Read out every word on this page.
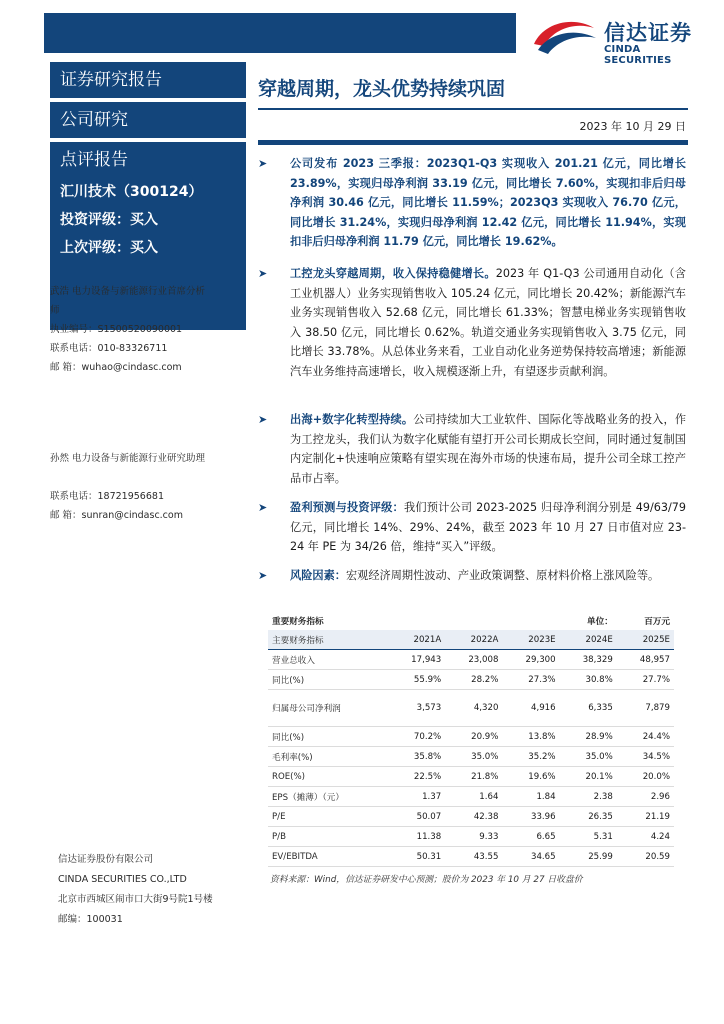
信达证券
CINDA SECURITIES
证券研究报告
公司研究
点评报告
汇川技术（300124）
投资评级：买入
上次评级：买入
武浩 电力设备与新能源行业首席分析
师
执业编号：S1500520090001
联系电话：010-83326711
邮 箱：wuhao@cindasc.com
孙然 电力设备与新能源行业研究助理
联系电话：18721956681
邮 箱：sunran@cindasc.com
信达证券股份有限公司
CINDA SECURITIES CO.,LTD
北京市西城区闹市口大街9号院1号楼
邮编：100031
穿越周期，龙头优势持续巩固
2023 年 10 月 29 日
➤ 公司发布 2023 三季报：2023Q1-Q3 实现收入 201.21 亿元，同比增长 23.89%，实现归母净利润 33.19 亿元，同比增长 7.60%，实现扣非后归母净利润 30.46 亿元，同比增长 11.59%；2023Q3 实现收入 76.70 亿元，同比增长 31.24%，实现归母净利润 12.42 亿元，同比增长 11.94%，实现扣非后归母净利润 11.79 亿元，同比增长 19.62%。
➤ 工控龙头穿越周期，收入保持稳健增长。2023 年 Q1-Q3 公司通用自动化（含工业机器人）业务实现销售收入 105.24 亿元，同比增长 20.42%；新能源汽车业务实现销售收入 52.68 亿元，同比增长 61.33%；智慧电梯业务实现销售收入 38.50 亿元，同比增长 0.62%。轨道交通业务实现销售收入 3.75 亿元，同比增长 33.78%。从总体业务来看，工业自动化业务逆势保持较高增速；新能源汽车业务维持高速增长，收入规模逐渐上升，有望逐步贡献利润。
➤ 出海+数字化转型持续。公司持续加大工业软件、国际化等战略业务的投入，作为工控龙头，我们认为数字化赋能有望打开公司长期成长空间，同时通过复制国内定制化+快速响应策略有望实现在海外市场的快速布局，提升公司全球工控产品市占率。
➤ 盈利预测与投资评级：我们预计公司 2023-2025 归母净利润分别是 49/63/79 亿元，同比增长 14%、29%、24%，截至 2023 年 10 月 27 日市值对应 23-24 年 PE 为 34/26 倍，维持“买入”评级。
➤ 风险因素：宏观经济周期性波动、产业政策调整、原材料价格上涨风险等。
重要财务指标			单位：		百万元
主要财务指标	2021A	2022A	2023E	2024E	2025E
营业总收入	17,943	23,008	29,300	38,329	48,957
同比(%)	55.9%	28.2%	27.3%	30.8%	27.7%
归属母公司净利润	3,573	4,320	4,916	6,335	7,879
同比(%)	70.2%	20.9%	13.8%	28.9%	24.4%
毛利率(%)	35.8%	35.0%	35.2%	35.0%	34.5%
ROE(%)	22.5%	21.8%	19.6%	20.1%	20.0%
EPS（摊薄）（元）	1.37	1.64	1.84	2.38	2.96
P/E	50.07	42.38	33.96	26.35	21.19
P/B	11.38	9.33	6.65	5.31	4.24
EV/EBITDA	50.31	43.55	34.65	25.99	20.59
资料来源：Wind，信达证券研发中心预测；股价为 2023 年 10 月 27 日收盘价
